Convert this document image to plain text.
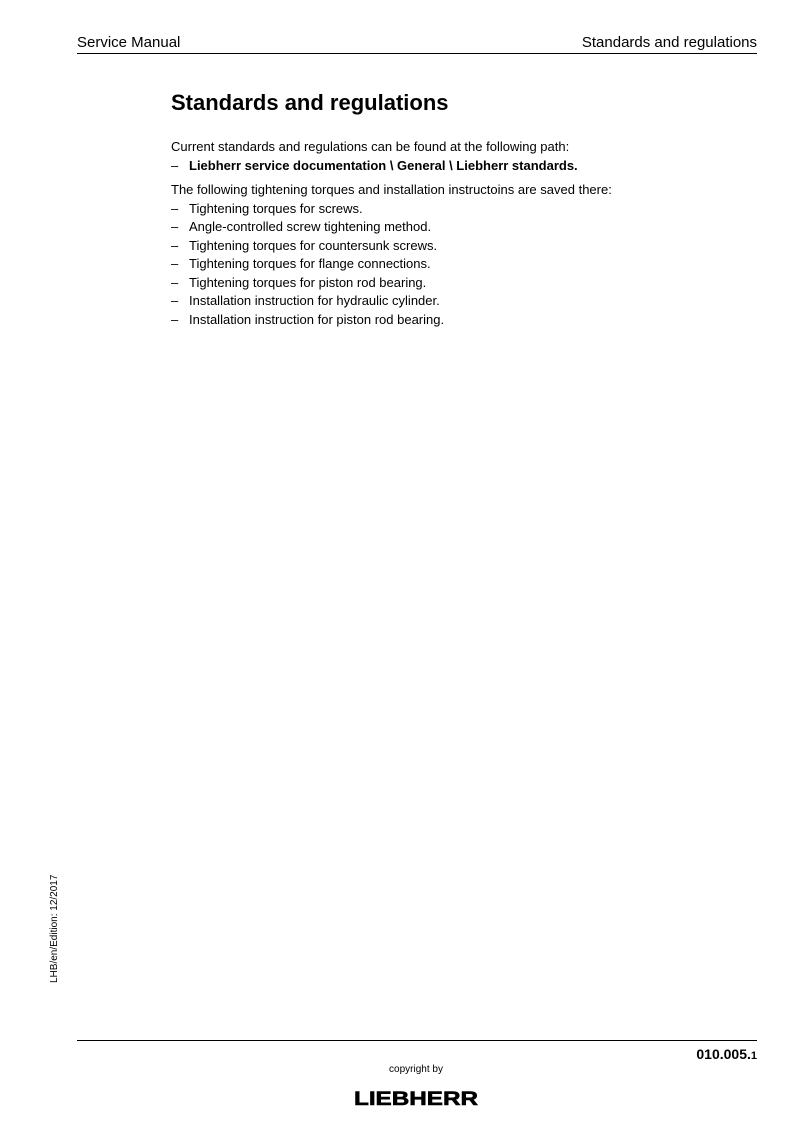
Service Manual	Standards and regulations
Standards and regulations

Current standards and regulations can be found at the following path:

– Liebherr service documentation \ General \ Liebherr standards.

The following tightening torques and installation instructoins are saved there:

– Tightening torques for screws.
– Angle-controlled screw tightening method.
– Tightening torques for countersunk screws.
– Tightening torques for flange connections.
– Tightening torques for piston rod bearing.
– Installation instruction for hydraulic cylinder.
– Installation instruction for piston rod bearing.
LHB/en/Edition: 12/2017
010.005.1
copyright by
LIEBHERR
